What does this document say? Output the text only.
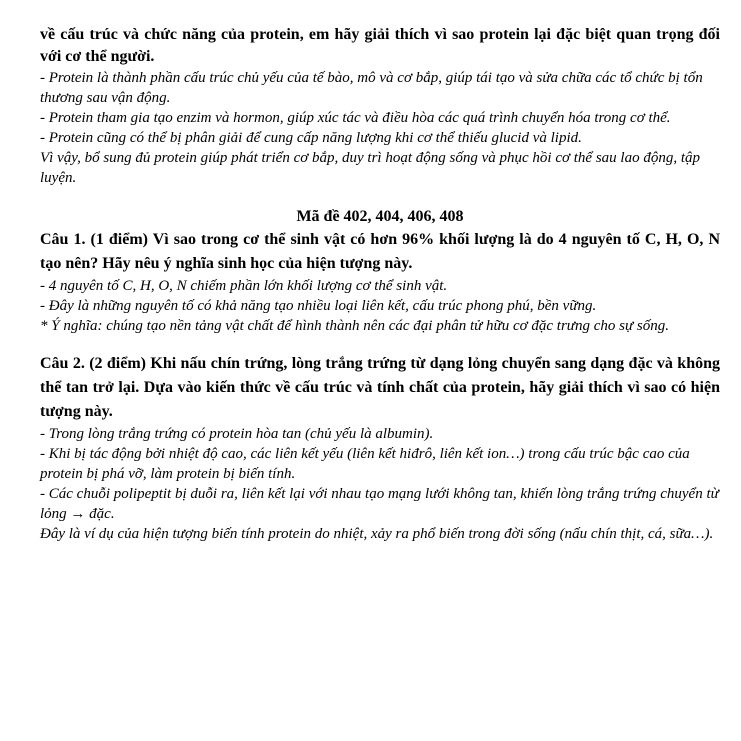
về cấu trúc và chức năng của protein, em hãy giải thích vì sao protein lại đặc biệt quan trọng đối với cơ thể người.
- Protein là thành phần cấu trúc chủ yếu của tế bào, mô và cơ bắp, giúp tái tạo và sửa chữa các tổ chức bị tổn thương sau vận động.
- Protein tham gia tạo enzim và hormon, giúp xúc tác và điều hòa các quá trình chuyển hóa trong cơ thể.
- Protein cũng có thể bị phân giải để cung cấp năng lượng khi cơ thể thiếu glucid và lipid.
Vì vậy, bổ sung đủ protein giúp phát triển cơ bắp, duy trì hoạt động sống và phục hồi cơ thể sau lao động, tập luyện.
Mã đề 402, 404, 406, 408
Câu 1. (1 điểm) Vì sao trong cơ thể sinh vật có hơn 96% khối lượng là do 4 nguyên tố C, H, O, N tạo nên? Hãy nêu ý nghĩa sinh học của hiện tượng này.
- 4 nguyên tố C, H, O, N chiếm phần lớn khối lượng cơ thể sinh vật.
- Đây là những nguyên tố có khả năng tạo nhiều loại liên kết, cấu trúc phong phú, bền vững.
* Ý nghĩa: chúng tạo nền tảng vật chất để hình thành nên các đại phân tử hữu cơ đặc trưng cho sự sống.
Câu 2. (2 điểm) Khi nấu chín trứng, lòng trắng trứng từ dạng lỏng chuyển sang dạng đặc và không thể tan trở lại. Dựa vào kiến thức về cấu trúc và tính chất của protein, hãy giải thích vì sao có hiện tượng này.
- Trong lòng trắng trứng có protein hòa tan (chủ yếu là albumin).
- Khi bị tác động bởi nhiệt độ cao, các liên kết yếu (liên kết hiđrô, liên kết ion…) trong cấu trúc bậc cao của protein bị phá vỡ, làm protein bị biến tính.
- Các chuỗi polipeptit bị duỗi ra, liên kết lại với nhau tạo mạng lưới không tan, khiến lòng trắng trứng chuyển từ lỏng → đặc.
Đây là ví dụ của hiện tượng biến tính protein do nhiệt, xảy ra phổ biến trong đời sống (nấu chín thịt, cá, sữa…).
